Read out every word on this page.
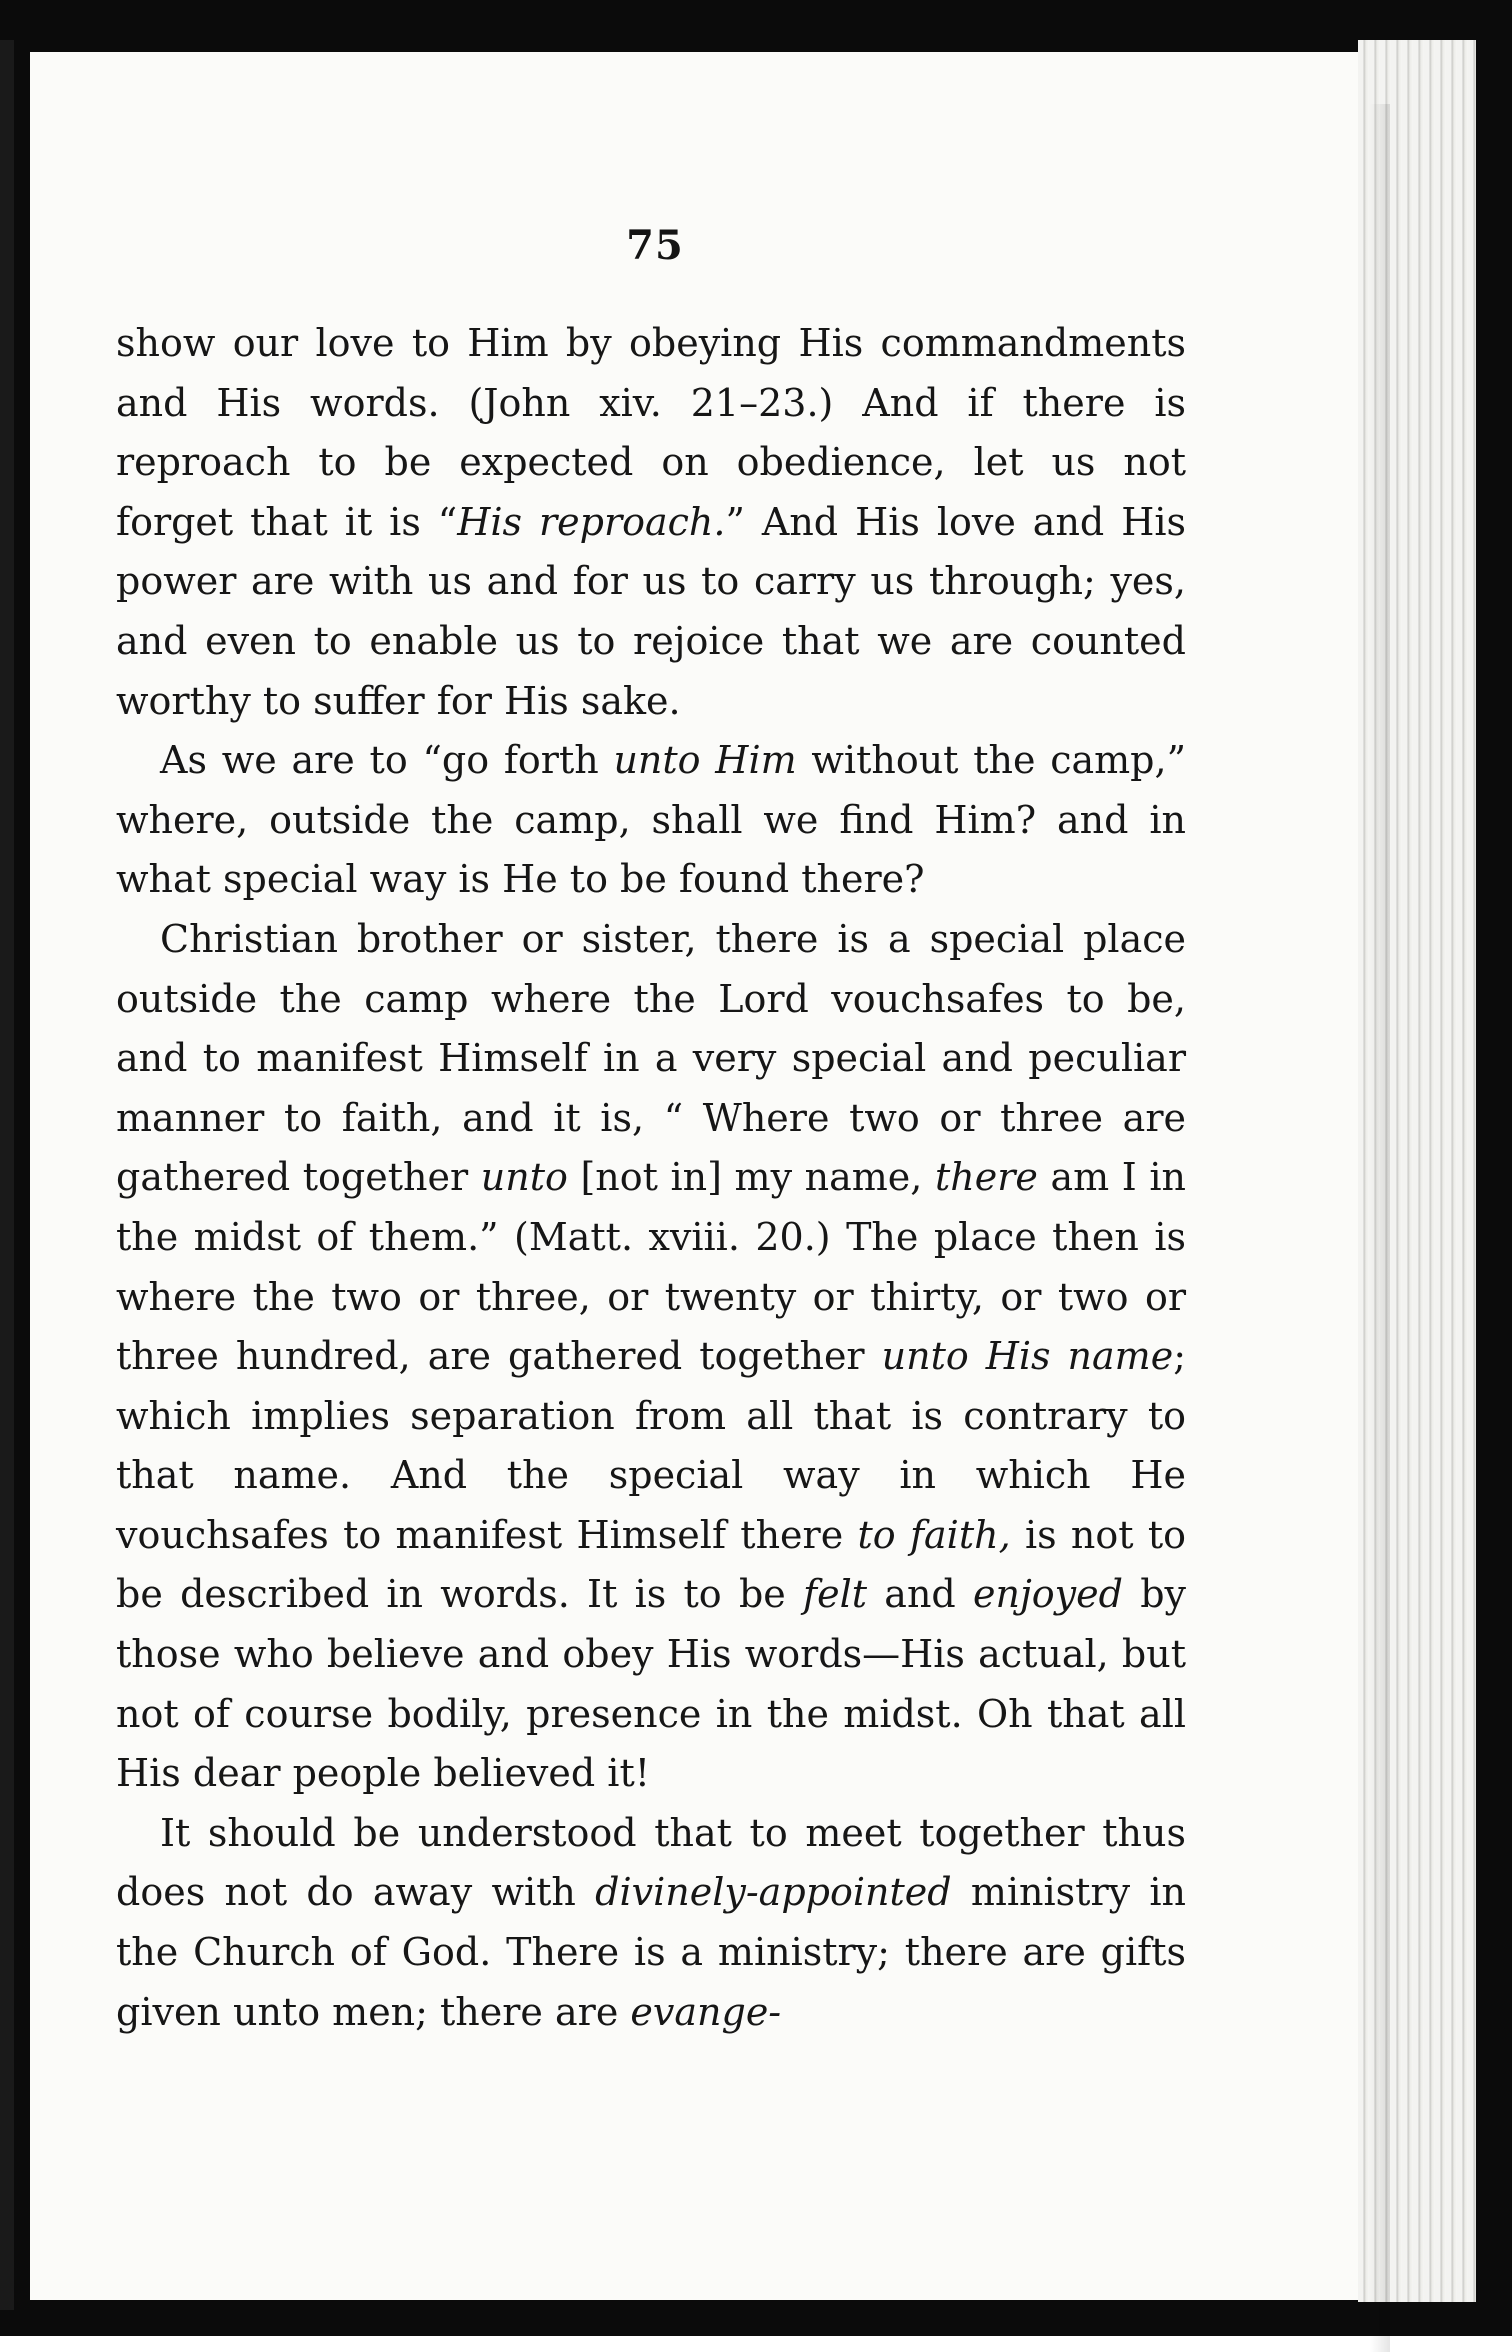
75

show our love to Him by obeying His commandments and His words. (John xiv. 21–23.) And if there is reproach to be expected on obedience, let us not forget that it is “His reproach.” And His love and His power are with us and for us to carry us through; yes, and even to enable us to rejoice that we are counted worthy to suffer for His sake.

As we are to “go forth unto Him without the camp,” where, outside the camp, shall we find Him? and in what special way is He to be found there?

Christian brother or sister, there is a special place outside the camp where the Lord vouchsafes to be, and to manifest Himself in a very special and peculiar manner to faith, and it is, “ Where two or three are gathered together unto [not in] my name, there am I in the midst of them.” (Matt. xviii. 20.) The place then is where the two or three, or twenty or thirty, or two or three hundred, are gathered together unto His name; which implies separation from all that is contrary to that name. And the special way in which He vouchsafes to manifest Himself there to faith, is not to be described in words. It is to be felt and enjoyed by those who believe and obey His words—His actual, but not of course bodily, presence in the midst. Oh that all His dear people believed it!

It should be understood that to meet together thus does not do away with divinely-appointed ministry in the Church of God. There is a ministry; there are gifts given unto men; there are evange-
